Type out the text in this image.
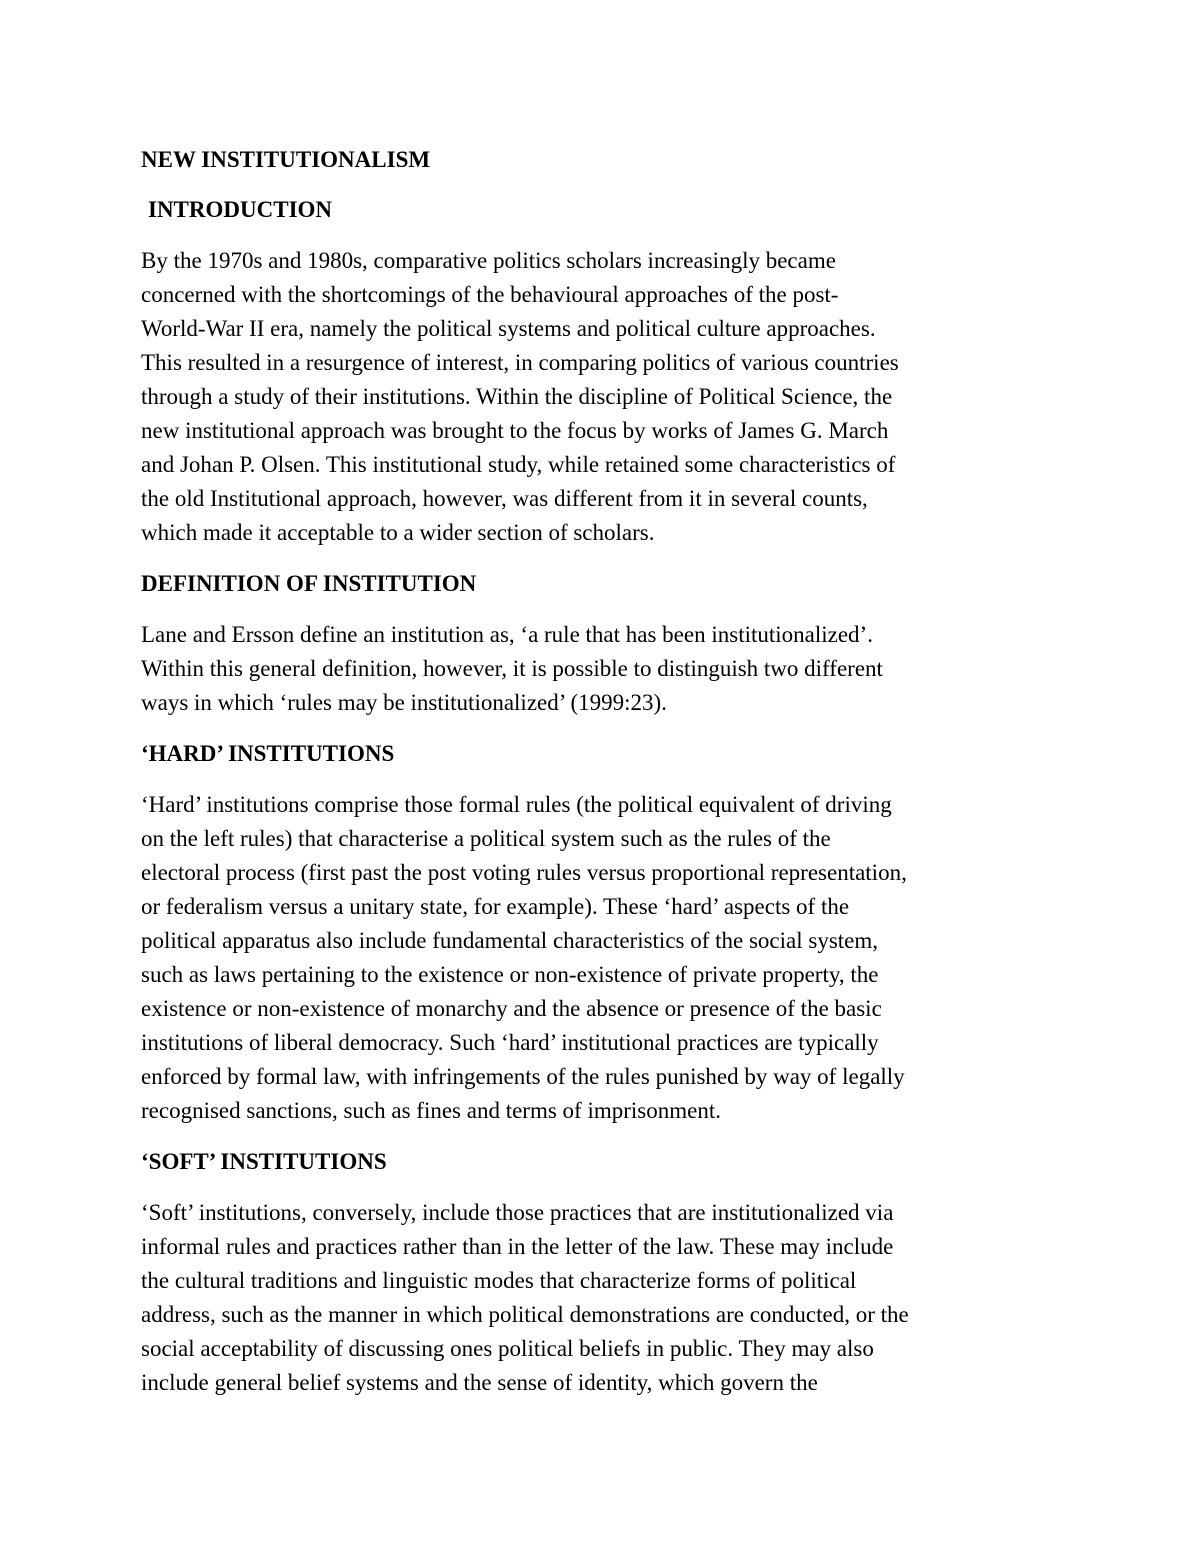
NEW INSTITUTIONALISM
INTRODUCTION
By the 1970s and 1980s, comparative politics scholars increasingly became
concerned with the shortcomings of the behavioural approaches of the post-
World-War II era, namely the political systems and political culture approaches.
This resulted in a resurgence of interest, in comparing politics of various countries
through a study of their institutions. Within the discipline of Political Science, the
new institutional approach was brought to the focus by works of James G. March
and Johan P. Olsen. This institutional study, while retained some characteristics of
the old Institutional approach, however, was different from it in several counts,
which made it acceptable to a wider section of scholars.
DEFINITION OF INSTITUTION
Lane and Ersson define an institution as, ‘a rule that has been institutionalized’.
Within this general definition, however, it is possible to distinguish two different
ways in which ‘rules may be institutionalized’ (1999:23).
‘HARD’ INSTITUTIONS
‘Hard’ institutions comprise those formal rules (the political equivalent of driving
on the left rules) that characterise a political system such as the rules of the
electoral process (first past the post voting rules versus proportional representation,
or federalism versus a unitary state, for example). These ‘hard’ aspects of the
political apparatus also include fundamental characteristics of the social system,
such as laws pertaining to the existence or non-existence of private property, the
existence or non-existence of monarchy and the absence or presence of the basic
institutions of liberal democracy. Such ‘hard’ institutional practices are typically
enforced by formal law, with infringements of the rules punished by way of legally
recognised sanctions, such as fines and terms of imprisonment.
‘SOFT’ INSTITUTIONS
‘Soft’ institutions, conversely, include those practices that are institutionalized via
informal rules and practices rather than in the letter of the law. These may include
the cultural traditions and linguistic modes that characterize forms of political
address, such as the manner in which political demonstrations are conducted, or the
social acceptability of discussing ones political beliefs in public. They may also
include general belief systems and the sense of identity, which govern the
